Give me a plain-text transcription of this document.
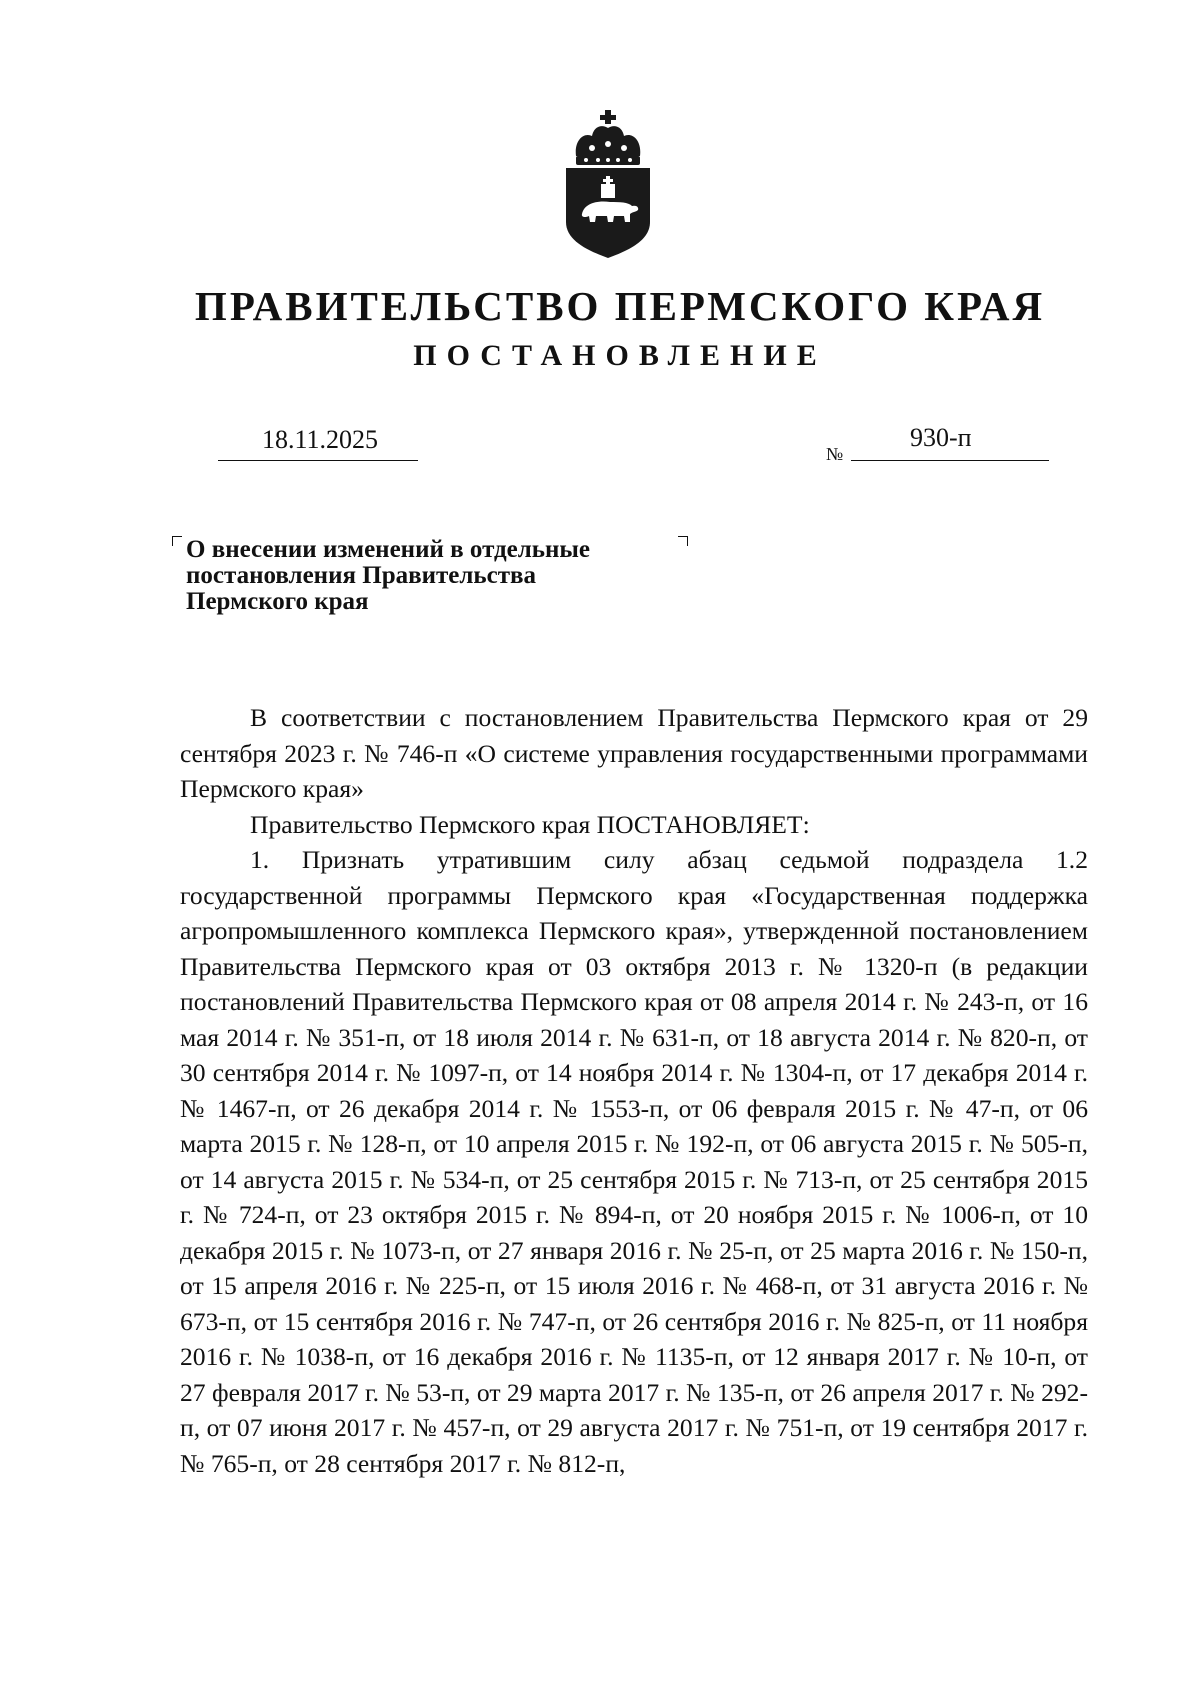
ПРАВИТЕЛЬСТВО ПЕРМСКОГО КРАЯ
ПОСТАНОВЛЕНИЕ
18.11.2025	№
930-п
О внесении изменений в отдельные
постановления Правительства
Пермского края

В соответствии с постановлением Правительства Пермского края от 29 сентября 2023 г. № 746-п «О системе управления государственными программами Пермского края»

Правительство Пермского края ПОСТАНОВЛЯЕТ:

1. Признать утратившим силу абзац седьмой подраздела 1.2 государственной программы Пермского края «Государственная поддержка агропромышленного комплекса Пермского края», утвержденной постановлением Правительства Пермского края от 03 октября 2013 г. № 1320-п (в редакции постановлений Правительства Пермского края от 08 апреля 2014 г. № 243-п, от 16 мая 2014 г. № 351-п, от 18 июля 2014 г. № 631-п, от 18 августа 2014 г. № 820-п, от 30 сентября 2014 г. № 1097-п, от 14 ноября 2014 г. № 1304-п, от 17 декабря 2014 г. № 1467-п, от 26 декабря 2014 г. № 1553-п, от 06 февраля 2015 г. № 47-п, от 06 марта 2015 г. № 128-п, от 10 апреля 2015 г. № 192-п, от 06 августа 2015 г. № 505-п, от 14 августа 2015 г. № 534-п, от 25 сентября 2015 г. № 713-п, от 25 сентября 2015 г. № 724-п, от 23 октября 2015 г. № 894-п, от 20 ноября 2015 г. № 1006-п, от 10 декабря 2015 г. № 1073-п, от 27 января 2016 г. № 25-п, от 25 марта 2016 г. № 150-п, от 15 апреля 2016 г. № 225-п, от 15 июля 2016 г. № 468-п, от 31 августа 2016 г. № 673-п, от 15 сентября 2016 г. № 747-п, от 26 сентября 2016 г. № 825-п, от 11 ноября 2016 г. № 1038-п, от 16 декабря 2016 г. № 1135-п, от 12 января 2017 г. № 10-п, от 27 февраля 2017 г. № 53-п, от 29 марта 2017 г. № 135-п, от 26 апреля 2017 г. № 292-п, от 07 июня 2017 г. № 457-п, от 29 августа 2017 г. № 751-п, от 19 сентября 2017 г. № 765-п, от 28 сентября 2017 г. № 812-п,
